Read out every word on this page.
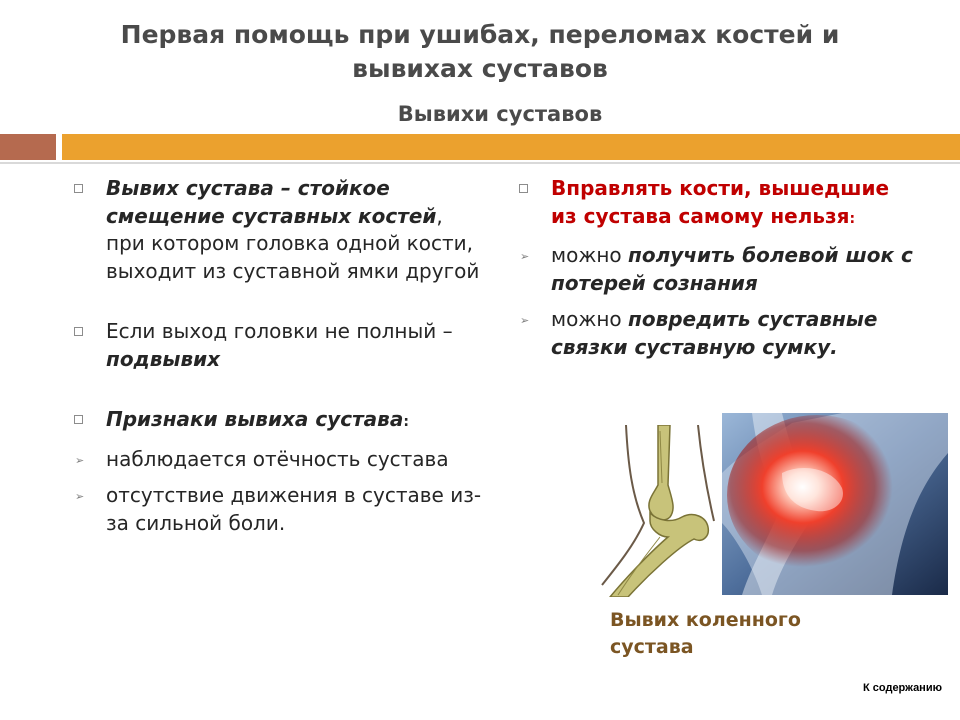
Первая помощь при ушибах, переломах костей и
вывихах суставов
Вывихи суставов
Вывих сустава – стойкое смещение суставных костей, при котором головка одной кости, выходит из суставной ямки другой
Если выход головки не полный – подвывих
Признаки вывиха сустава:
➢ наблюдается отёчность сустава
➢ отсутствие движения в суставе из-за сильной боли.
Вправлять кости, вышедшие из сустава самому нельзя:
➢ можно получить болевой шок с потерей сознания
➢ можно повредить суставные связки суставную сумку.

Вывих коленного сустава

К содержанию
